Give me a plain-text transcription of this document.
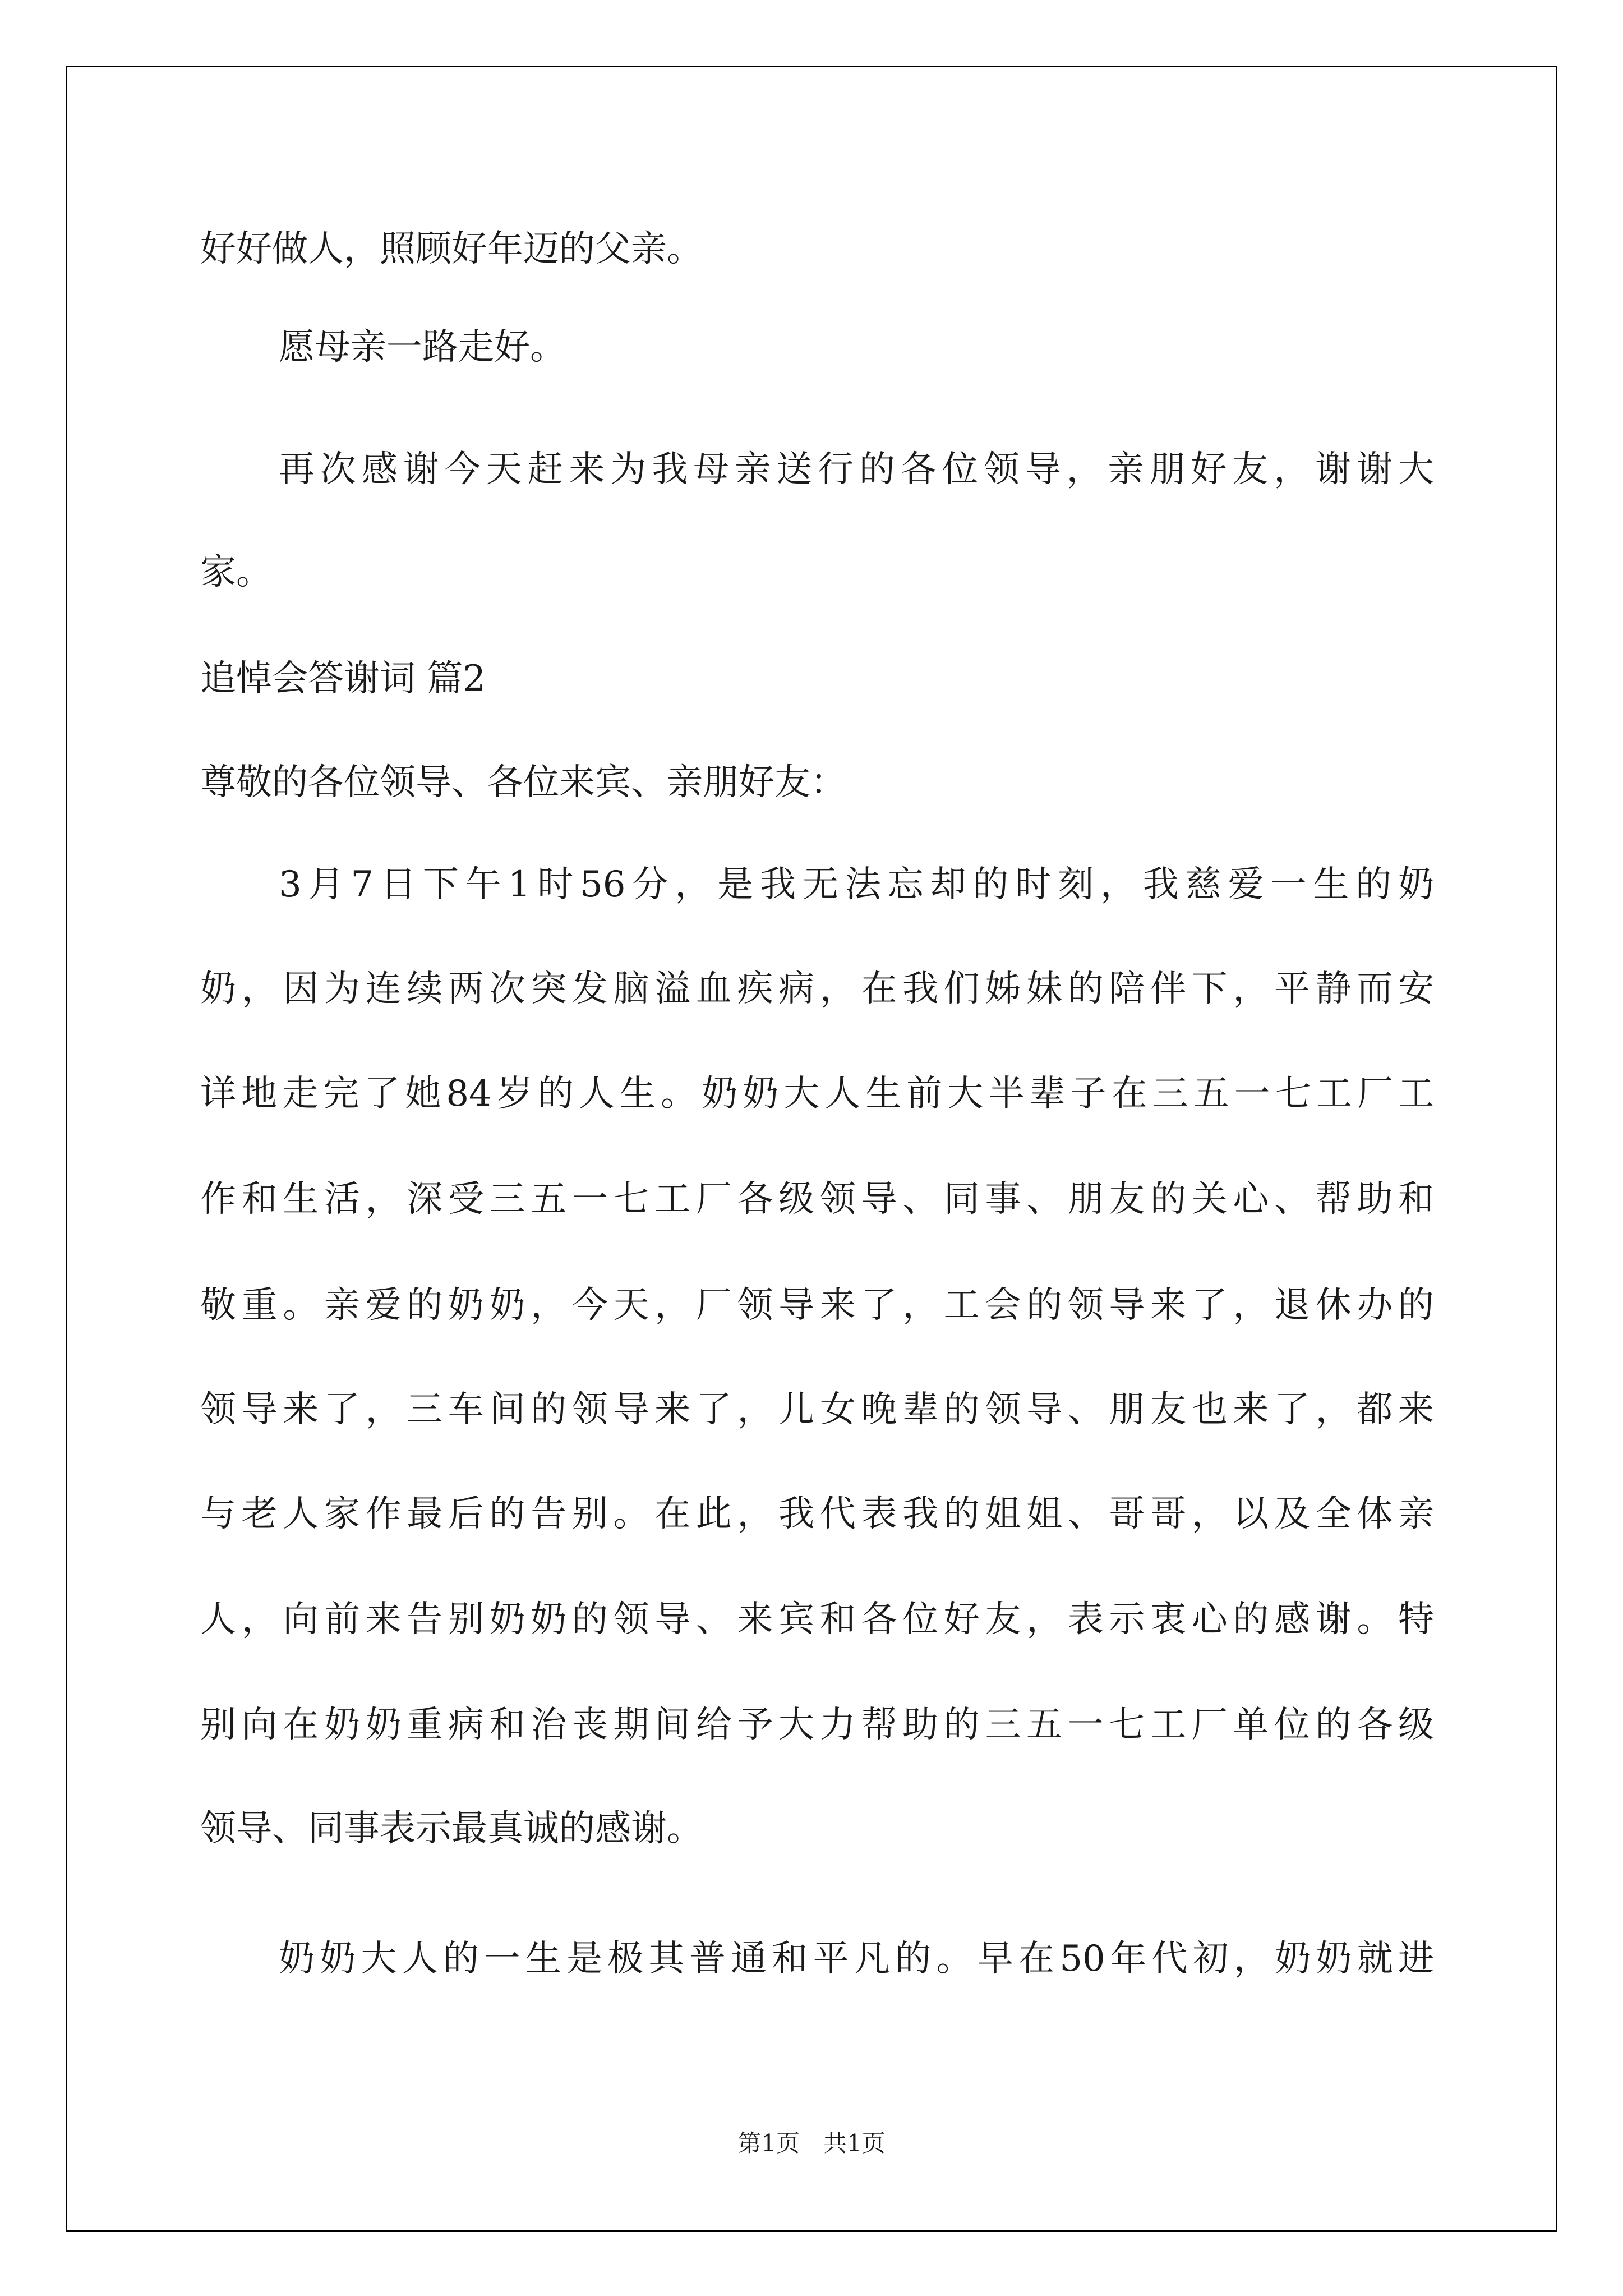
好好做人，照顾好年迈的父亲。
愿母亲一路走好。
再次感谢今天赶来为我母亲送行的各位领导，亲朋好友，谢谢大
家。
追悼会答谢词 篇2
尊敬的各位领导、各位来宾、亲朋好友：
3月7日下午1时56分，是我无法忘却的时刻，我慈爱一生的奶
奶，因为连续两次突发脑溢血疾病，在我们姊妹的陪伴下，平静而安
详地走完了她84岁的人生。奶奶大人生前大半辈子在三五一七工厂工
作和生活，深受三五一七工厂各级领导、同事、朋友的关心、帮助和
敬重。亲爱的奶奶，今天，厂领导来了，工会的领导来了，退休办的
领导来了，三车间的领导来了，儿女晚辈的领导、朋友也来了，都来
与老人家作最后的告别。在此，我代表我的姐姐、哥哥，以及全体亲
人，向前来告别奶奶的领导、来宾和各位好友，表示衷心的感谢。特
别向在奶奶重病和治丧期间给予大力帮助的三五一七工厂单位的各级
领导、同事表示最真诚的感谢。
奶奶大人的一生是极其普通和平凡的。早在50年代初，奶奶就进
第1页　共1页
